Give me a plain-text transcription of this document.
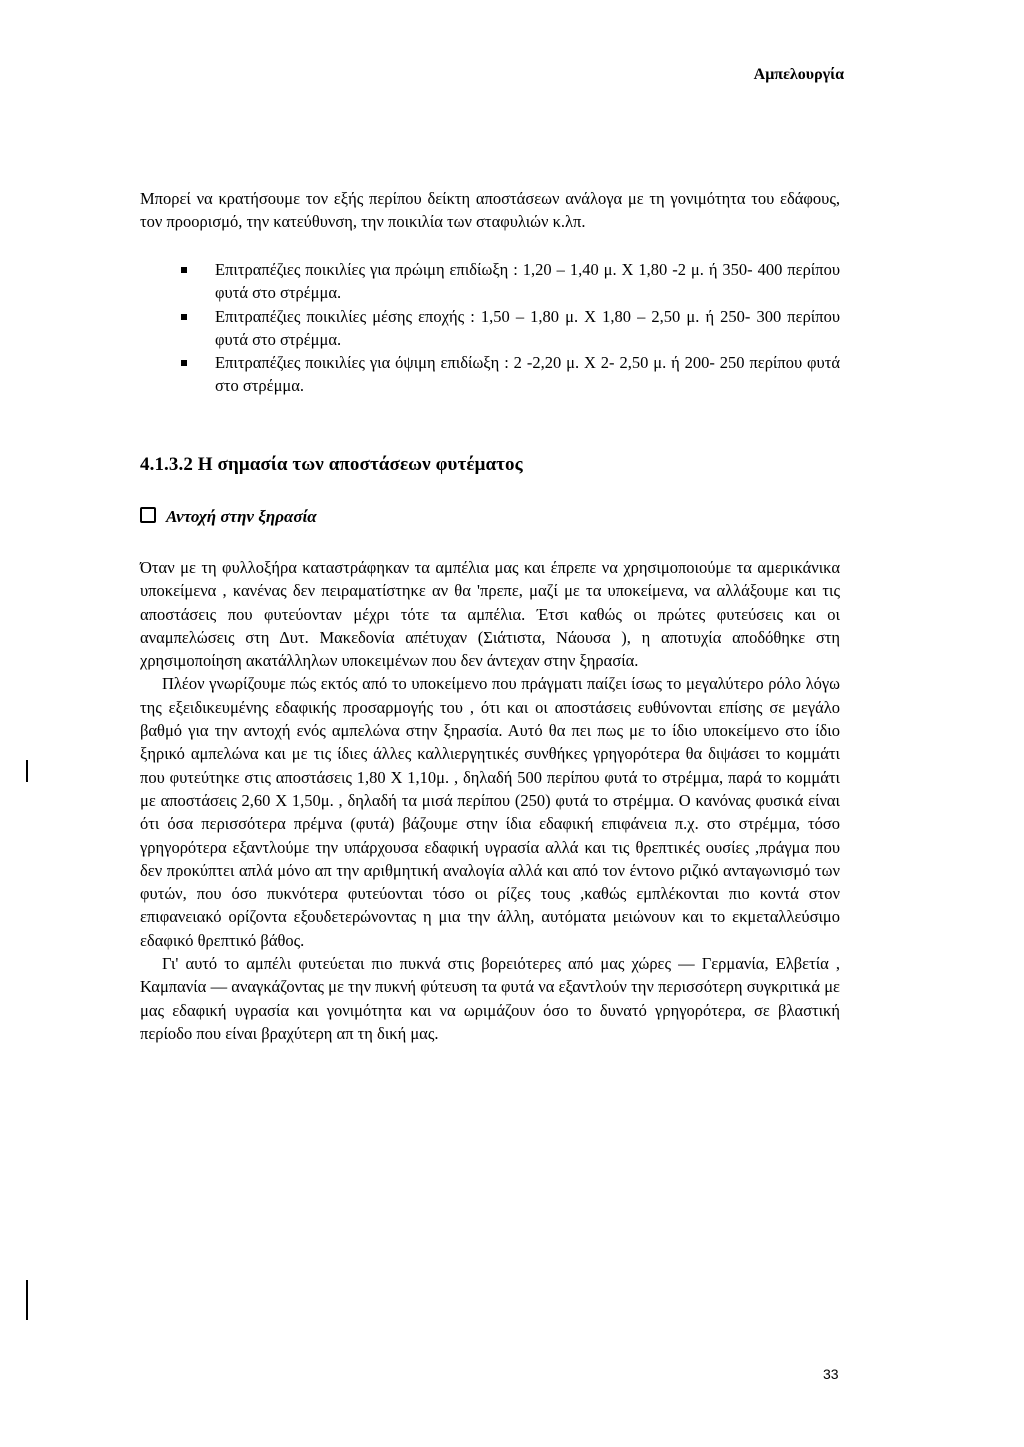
Αμπελουργία
Μπορεί να κρατήσουμε τον εξής περίπου δείκτη αποστάσεων ανάλογα με τη γονιμότητα του εδάφους, τον προορισμό, την κατεύθυνση, την ποικιλία των σταφυλιών κ.λπ.
Επιτραπέζιες ποικιλίες για πρώιμη επιδίωξη : 1,20 – 1,40 μ. Χ 1,80 -2 μ. ή 350- 400 περίπου φυτά στο στρέμμα.
Επιτραπέζιες ποικιλίες μέσης εποχής : 1,50 – 1,80 μ. Χ 1,80 – 2,50 μ. ή 250- 300 περίπου φυτά στο στρέμμα.
Επιτραπέζιες ποικιλίες για όψιμη επιδίωξη : 2 -2,20 μ. Χ 2- 2,50 μ. ή 200- 250 περίπου φυτά στο στρέμμα.
4.1.3.2 Η σημασία των αποστάσεων φυτέματος
Αντοχή στην ξηρασία

Όταν με τη φυλλοξήρα καταστράφηκαν τα αμπέλια μας και έπρεπε να χρησιμοποιούμε τα αμερικάνικα υποκείμενα , κανένας δεν πειραματίστηκε αν θα 'πρεπε, μαζί με τα υποκείμενα, να αλλάξουμε και τις αποστάσεις που φυτεύονταν μέχρι τότε τα αμπέλια. Έτσι καθώς οι πρώτες φυτεύσεις και οι αναμπελώσεις στη Δυτ. Μακεδονία απέτυχαν (Σιάτιστα, Νάουσα ), η αποτυχία αποδόθηκε στη χρησιμοποίηση ακατάλληλων υποκειμένων που δεν άντεχαν στην ξηρασία.

Πλέον γνωρίζουμε πώς εκτός από το υποκείμενο που πράγματι παίζει ίσως το μεγαλύτερο ρόλο λόγω της εξειδικευμένης εδαφικής προσαρμογής του , ότι και οι αποστάσεις ευθύνονται επίσης σε μεγάλο βαθμό για την αντοχή ενός αμπελώνα στην ξηρασία. Αυτό θα πει πως με το ίδιο υποκείμενο στο ίδιο ξηρικό αμπελώνα και με τις ίδιες άλλες καλλιεργητικές συνθήκες γρηγορότερα θα διψάσει το κομμάτι που φυτεύτηκε στις αποστάσεις 1,80 Χ 1,10μ. , δηλαδή 500 περίπου φυτά το στρέμμα, παρά το κομμάτι με αποστάσεις 2,60 Χ 1,50μ. , δηλαδή τα μισά περίπου (250) φυτά το στρέμμα. Ο κανόνας φυσικά είναι ότι όσα περισσότερα πρέμνα (φυτά) βάζουμε στην ίδια εδαφική επιφάνεια π.χ. στο στρέμμα, τόσο γρηγορότερα εξαντλούμε την υπάρχουσα εδαφική υγρασία αλλά και τις θρεπτικές ουσίες ,πράγμα που δεν προκύπτει απλά μόνο απ την αριθμητική αναλογία αλλά και από τον έντονο ριζικό ανταγωνισμό των φυτών, που όσο πυκνότερα φυτεύονται τόσο οι ρίζες τους ,καθώς εμπλέκονται πιο κοντά στον επιφανειακό ορίζοντα εξουδετερώνοντας η μια την άλλη, αυτόματα μειώνουν και το εκμεταλλεύσιμο εδαφικό θρεπτικό βάθος.

Γι' αυτό το αμπέλι φυτεύεται πιο πυκνά στις βορειότερες από μας χώρες — Γερμανία, Ελβετία , Καμπανία — αναγκάζοντας με την πυκνή φύτευση τα φυτά να εξαντλούν την περισσότερη συγκριτικά με μας εδαφική υγρασία και γονιμότητα και να ωριμάζουν όσο το δυνατό γρηγορότερα, σε βλαστική περίοδο που είναι βραχύτερη απ τη δική μας.

33
